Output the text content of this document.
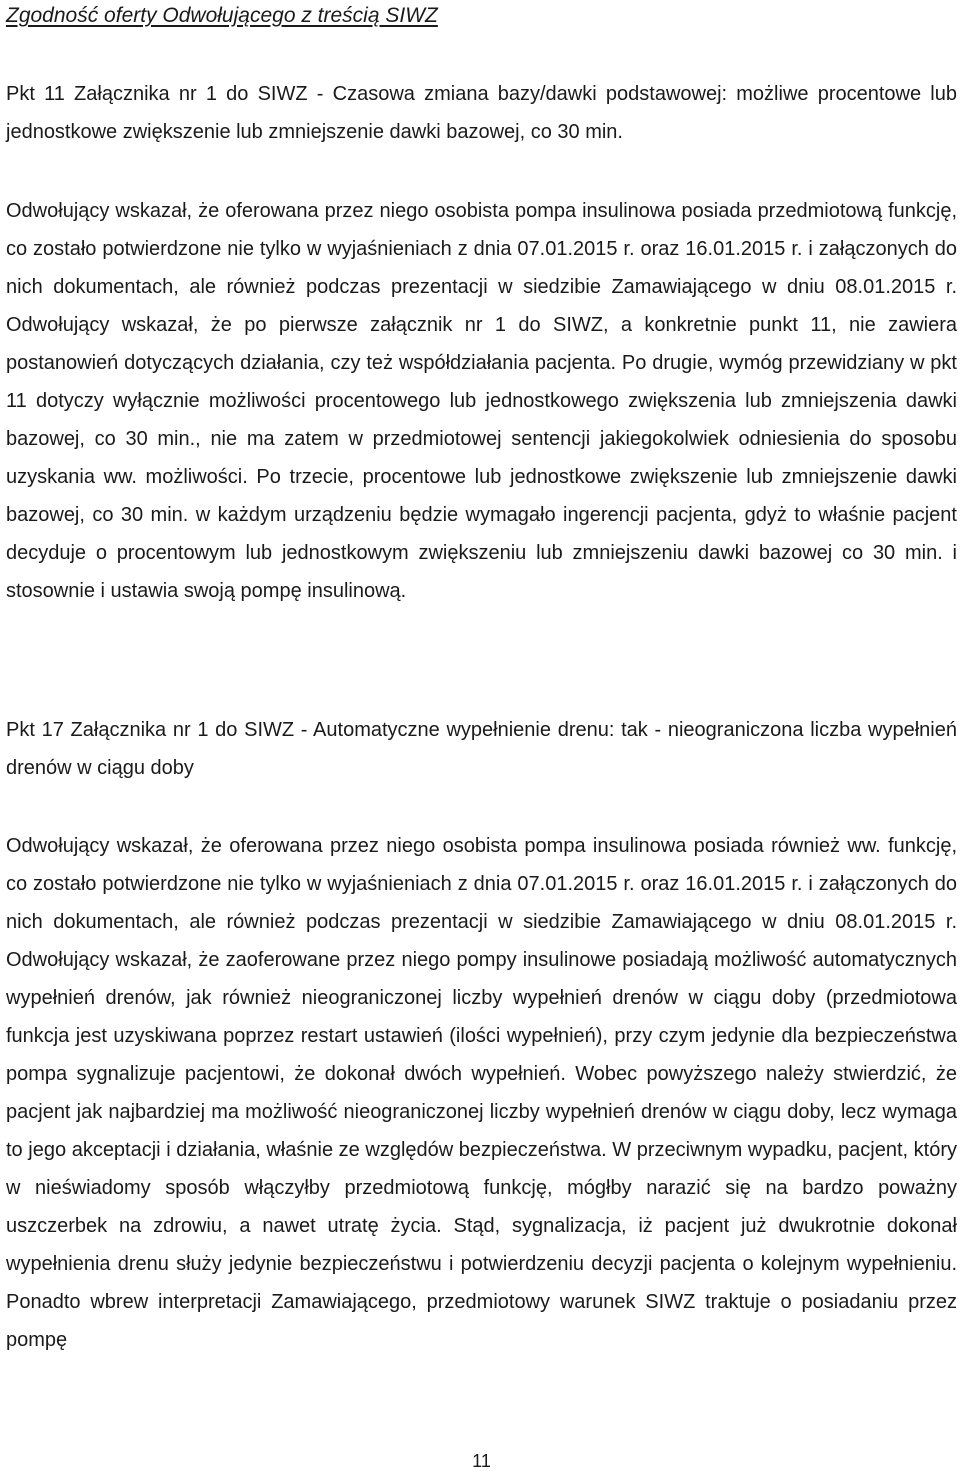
Zgodność oferty Odwołującego z treścią SIWZ

Pkt 11 Załącznika nr 1 do SIWZ - Czasowa zmiana bazy/dawki podstawowej: możliwe procentowe lub jednostkowe zwiększenie lub zmniejszenie dawki bazowej, co 30 min.

Odwołujący wskazał, że oferowana przez niego osobista pompa insulinowa posiada przedmiotową funkcję, co zostało potwierdzone nie tylko w wyjaśnieniach z dnia 07.01.2015 r. oraz 16.01.2015 r. i załączonych do nich dokumentach, ale również podczas prezentacji w siedzibie Zamawiającego w dniu 08.01.2015 r. Odwołujący wskazał, że po pierwsze załącznik nr 1 do SIWZ, a konkretnie punkt 11, nie zawiera postanowień dotyczących działania, czy też współdziałania pacjenta. Po drugie, wymóg przewidziany w pkt 11 dotyczy wyłącznie możliwości procentowego lub jednostkowego zwiększenia lub zmniejszenia dawki bazowej, co 30 min., nie ma zatem w przedmiotowej sentencji jakiegokolwiek odniesienia do sposobu uzyskania ww. możliwości. Po trzecie, procentowe lub jednostkowe zwiększenie lub zmniejszenie dawki bazowej, co 30 min. w każdym urządzeniu będzie wymagało ingerencji pacjenta, gdyż to właśnie pacjent decyduje o procentowym lub jednostkowym zwiększeniu lub zmniejszeniu dawki bazowej co 30 min. i stosownie i ustawia swoją pompę insulinową.

Pkt 17 Załącznika nr 1 do SIWZ - Automatyczne wypełnienie drenu: tak - nieograniczona liczba wypełnień drenów w ciągu doby

Odwołujący wskazał, że oferowana przez niego osobista pompa insulinowa posiada również ww. funkcję, co zostało potwierdzone nie tylko w wyjaśnieniach z dnia 07.01.2015 r. oraz 16.01.2015 r. i załączonych do nich dokumentach, ale również podczas prezentacji w siedzibie Zamawiającego w dniu 08.01.2015 r. Odwołujący wskazał, że zaoferowane przez niego pompy insulinowe posiadają możliwość automatycznych wypełnień drenów, jak również nieograniczonej liczby wypełnień drenów w ciągu doby (przedmiotowa funkcja jest uzyskiwana poprzez restart ustawień (ilości wypełnień), przy czym jedynie dla bezpieczeństwa pompa sygnalizuje pacjentowi, że dokonał dwóch wypełnień. Wobec powyższego należy stwierdzić, że pacjent jak najbardziej ma możliwość nieograniczonej liczby wypełnień drenów w ciągu doby, lecz wymaga to jego akceptacji i działania, właśnie ze względów bezpieczeństwa. W przeciwnym wypadku, pacjent, który w nieświadomy sposób włączyłby przedmiotową funkcję, mógłby narazić się na bardzo poważny uszczerbek na zdrowiu, a nawet utratę życia. Stąd, sygnalizacja, iż pacjent już dwukrotnie dokonał wypełnienia drenu służy jedynie bezpieczeństwu i potwierdzeniu decyzji pacjenta o kolejnym wypełnieniu. Ponadto wbrew interpretacji Zamawiającego, przedmiotowy warunek SIWZ traktuje o posiadaniu przez pompę

11
